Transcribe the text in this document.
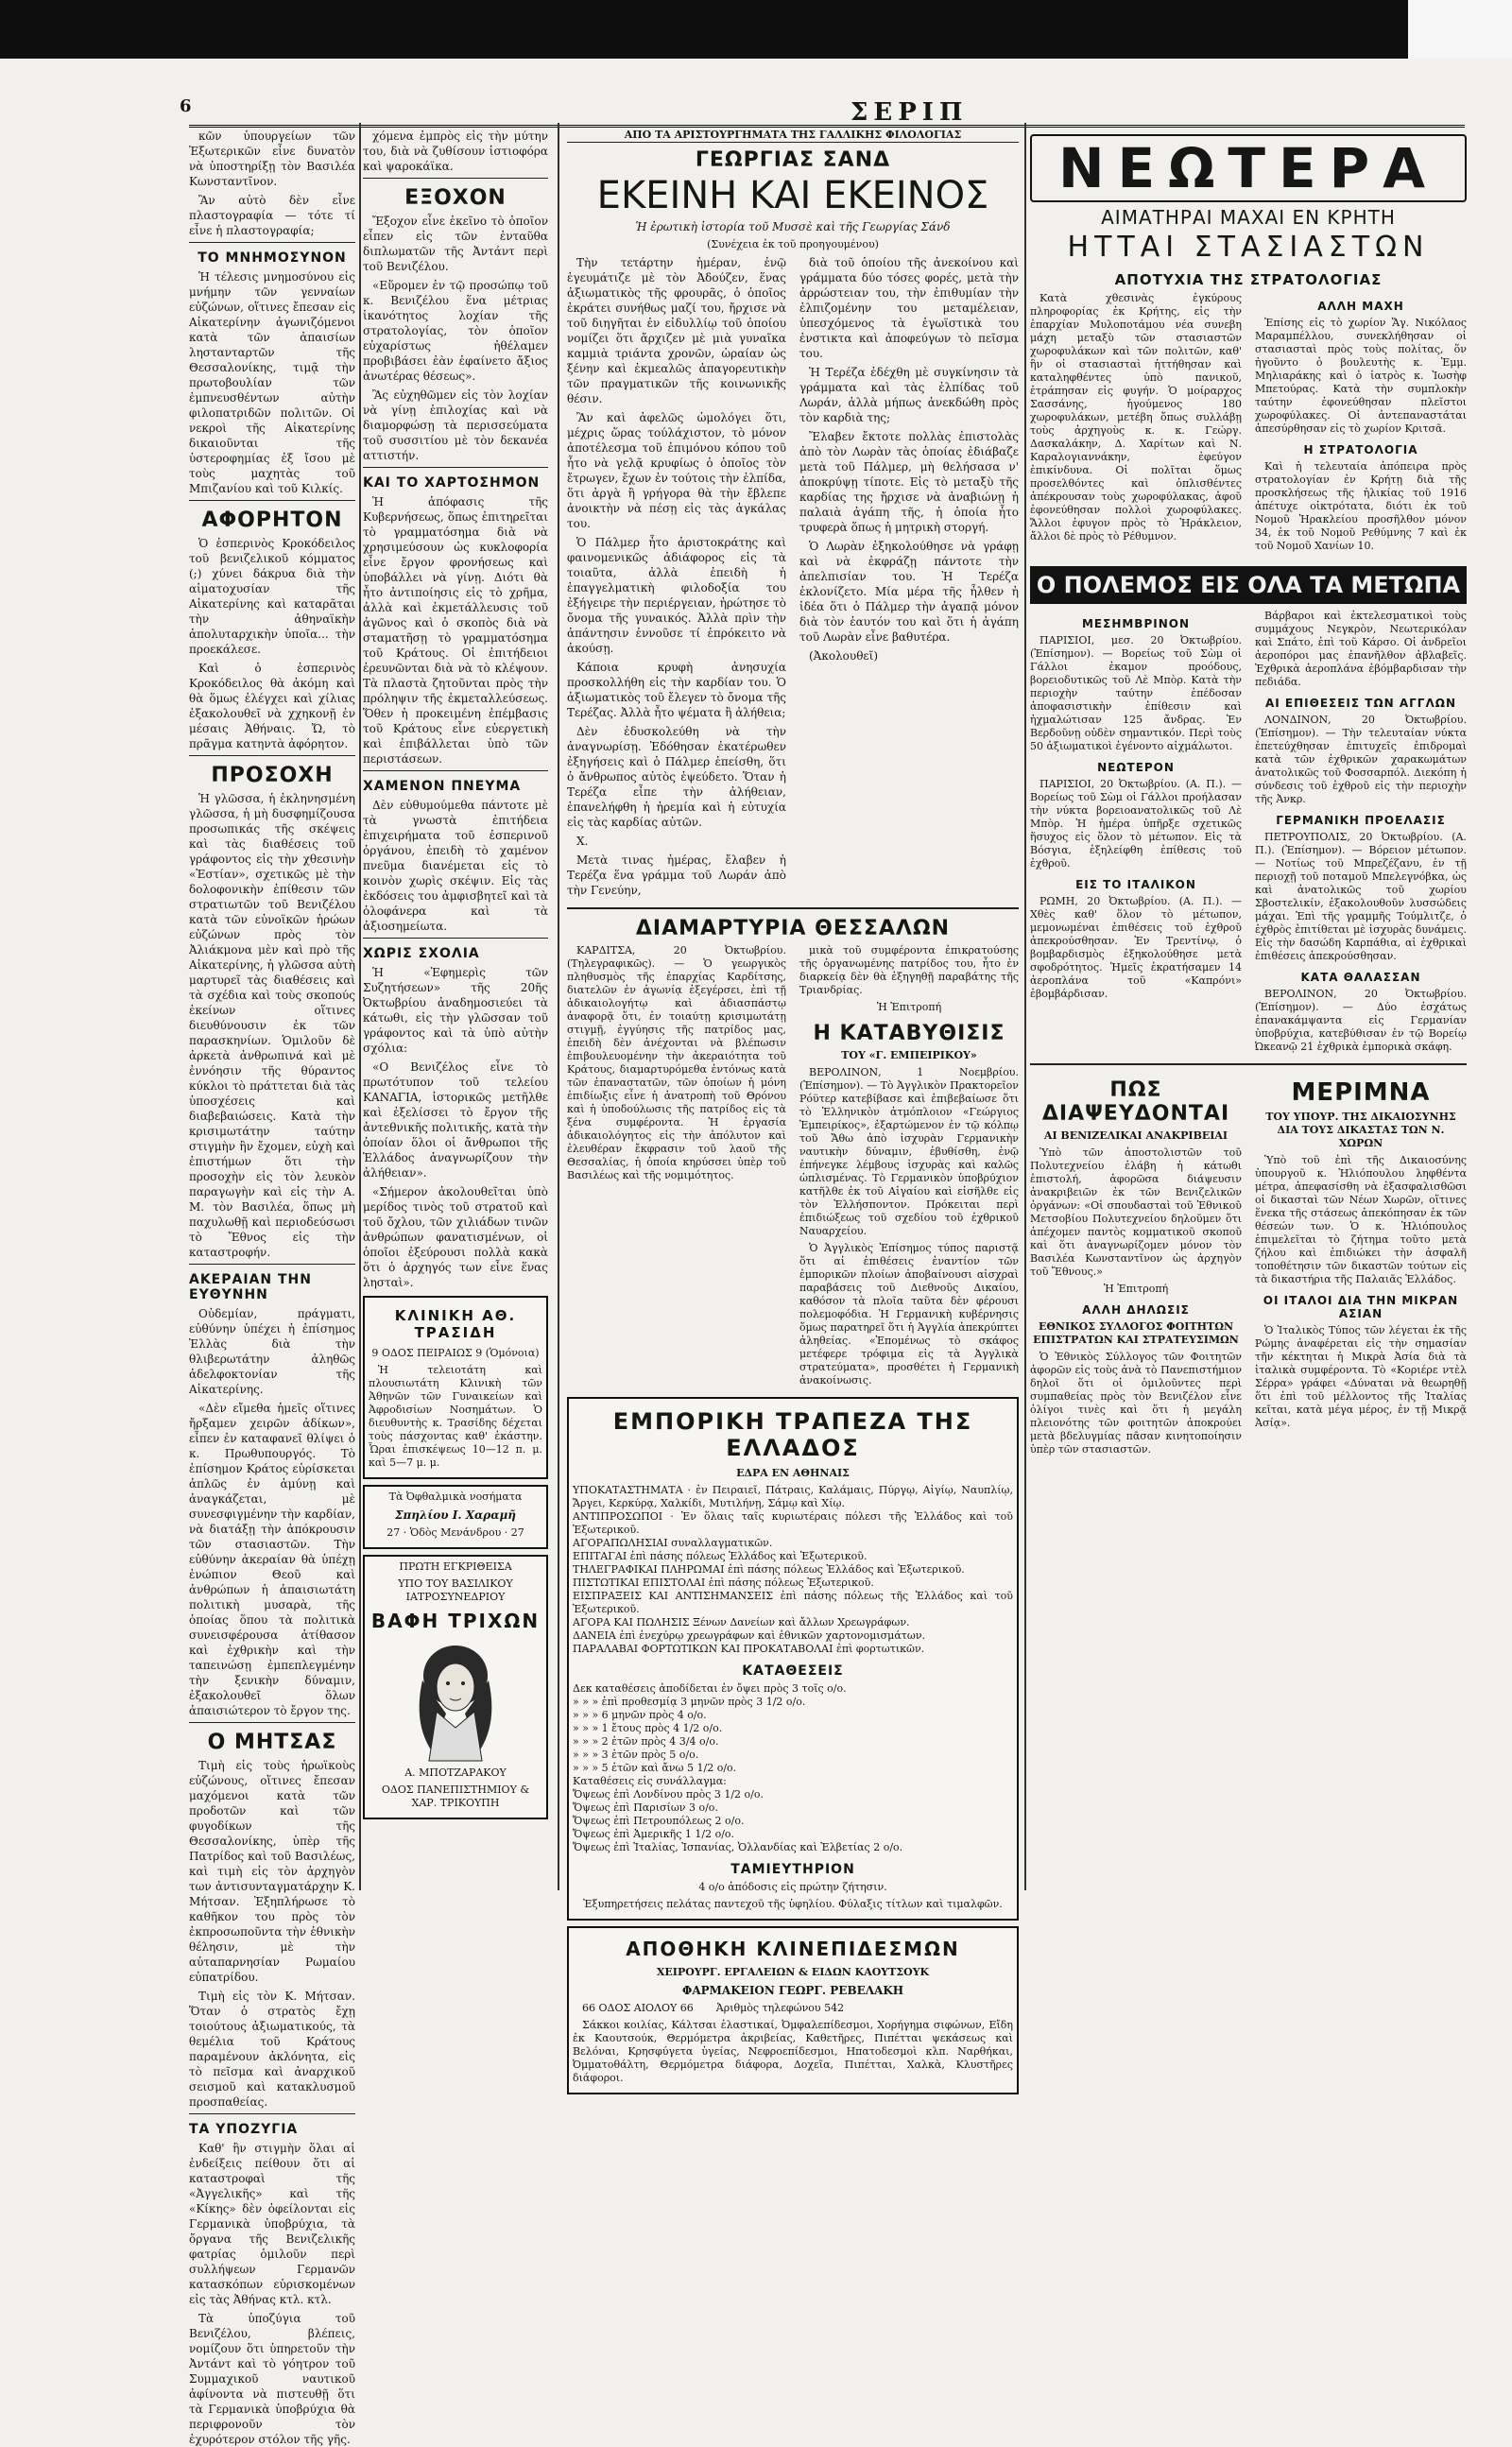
6	ΣΕΡΙΠ

κῶν ὑπουργείων τῶν Ἐξωτερικῶν εἶνε δυνατὸν νὰ ὑποστηρίξῃ τὸν Βασιλέα Κωνσταντῖνον.

Ἂν αὐτὸ δὲν εἶνε πλαστογραφία — τότε τί εἶνε ἡ πλαστογραφία;

ΤΟ ΜΝΗΜΟΣΥΝΟΝ

Ἡ τέλεσις μνημοσύνου εἰς μνήμην τῶν γενναίων εὐζώνων, οἵτινες ἔπεσαν εἰς Αἰκατερίνην ἀγωνιζόμενοι κατὰ τῶν ἀπαισίων ληστανταρτῶν τῆς Θεσσαλονίκης, τιμᾷ τὴν πρωτοβουλίαν τῶν ἐμπνευσθέντων αὐτὴν φιλοπατριδῶν πολιτῶν. Οἱ νεκροὶ τῆς Αἰκατερίνης δικαιοῦνται τῆς ὑστεροφημίας ἐξ ἴσου μὲ τοὺς μαχητὰς τοῦ Μπιζανίου καὶ τοῦ Κιλκίς.

ΑΦΟΡΗΤΟΝ

Ὁ ἐσπερινὸς Κροκόδειλος τοῦ βενιζελικοῦ κόμματος (;) χύνει δάκρυα διὰ τὴν αἱματοχυσίαν τῆς Αἰκατερίνης καὶ καταρᾶται τὴν ἀθηναϊκὴν ἀπολυταρχικὴν ὑποῖα... τὴν προεκάλεσε.

Καὶ ὁ ἐσπερινὸς Κροκόδειλος θὰ ἀκόμη καὶ θὰ ὅμως ἐλέγχει καὶ χίλιας ἐξακολουθεῖ νὰ χχηκονῇ ἐν μέσαις Ἀθήναις. Ὤ, τὸ πρᾶγμα κατηντὰ ἀφόρητον.

ΠΡΟΣΟΧΗ

Ἡ γλῶσσα, ἡ ἐκληνησμένη γλῶσσα, ἡ μὴ δυσφημίζουσα προσωπικάς τῆς σκέψεις καὶ τὰς διαθέσεις τοῦ γράφοντος εἰς τὴν χθεσινὴν «Ἑστίαν», σχετικῶς μὲ τὴν δολοφονικὴν ἐπίθεσιν τῶν στρατιωτῶν τοῦ Βενιζέλου κατὰ τῶν εὐνοϊκῶν ἡρώων εὐζώνων πρὸς τὸν Ἀλιάκμονα μὲν καὶ πρὸ τῆς Αἰκατερίνης, ἡ γλῶσσα αὐτὴ μαρτυρεῖ τὰς διαθέσεις καὶ τὰ σχέδια καὶ τοὺς σκοπούς ἐκείνων οἵτινες διευθύνουσιν ἐκ τῶν παρασκηνίων. Ὁμιλοῦν δὲ ἀρκετὰ ἀνθρωπινά καὶ μὲ ἐννόησιν τῆς θύραντος κύκλοι τὸ πράττεται διὰ τὰς ὑποσχέσεις καὶ διαβεβαιώσεις. Κατὰ τὴν κρισιμωτάτην ταύτην στιγμὴν ἣν ἔχομεν, εὐχὴ καὶ ἐπιστήμων ὅτι τὴν προσοχὴν εἰς τὸν λευκὸν παραγωγὴν καὶ εἰς τὴν Α. Μ. τὸν Βασιλέα, ὅπως μὴ παχυλωθῇ καὶ περιοδεύσωσι τὸ Ἔθνος εἰς τὴν καταστροφήν.

ΑΚΕΡΑΙΑΝ ΤΗΝ ΕΥΘΥΝΗΝ

Οὐδεμίαν, πράγματι, εὐθύνην ὑπέχει ἡ ἐπίσημος Ἑλλὰς διὰ τὴν θλιβερωτάτην ἀληθῶς ἀδελφοκτονίαν τῆς Αἰκατερίνης.

«Δὲν εἴμεθα ἡμεῖς οἵτινες ἤρξαμεν χειρῶν ἀδίκων», εἶπεν ἐν καταφανεῖ θλίψει ὁ κ. Πρωθυπουργός. Τὸ ἐπίσημον Κράτος εὑρίσκεται ἁπλῶς ἐν ἀμύνῃ καὶ ἀναγκάζεται, μὲ συνεσφιγμένην τὴν καρδίαν, νὰ διατάξῃ τὴν ἀπόκρουσιν τῶν στασιαστῶν. Τὴν εὐθύνην ἀκεραίαν θὰ ὑπέχῃ ἐνώπιον Θεοῦ καὶ ἀνθρώπων ἡ ἀπαισιωτάτη πολιτικὴ μυσαρὰ, τῆς ὁποίας ὅπου τὰ πολιτικὰ συνεισφέρουσα ἀτίθασον καὶ ἐχθρικὴν καὶ τὴν ταπεινώσῃ ἐμπεπλεγμένην τὴν ξενικὴν δύναμιν, ἐξακολουθεῖ ὅλων ἀπαισιώτερον τὸ ἔργον της.

Ο ΜΗΤΣΑΣ

Τιμὴ εἰς τοὺς ἡρωϊκοὺς εὐζώνους, οἵτινες ἔπεσαν μαχόμενοι κατὰ τῶν προδοτῶν καὶ τῶν φυγοδίκων τῆς Θεσσαλονίκης, ὑπὲρ τῆς Πατρίδος καὶ τοῦ Βασιλέως, καὶ τιμὴ εἰς τὸν ἀρχηγὸν των ἀντισυνταγματάρχην Κ. Μήτσαν. Ἐξηπλήρωσε τὸ καθῆκον του πρὸς τὸν ἐκπροσωποῦντα τὴν ἐθνικὴν θέλησιν, μὲ τὴν αὐταπαρνησίαν Ρωμαίου εὐπατρίδου.

Τιμὴ εἰς τὸν Κ. Μήτσαν. Ὅταν ὁ στρατὸς ἔχῃ τοιούτους ἀξιωματικούς, τὰ θεμέλια τοῦ Κράτους παραμένουν ἀκλόνητα, εἰς τὸ πεῖσμα καὶ ἀναρχικοῦ σεισμοῦ καὶ κατακλυσμοῦ προσπαθείας.

ΤΑ ΥΠΟΖΥΓΙΑ

Καθ' ἣν στιγμὴν ὅλαι αἱ ἐνδείξεις πείθουν ὅτι αἱ καταστροφαὶ τῆς «Ἀγγελικῆς» καὶ τῆς «Κίκης» δὲν ὀφείλονται εἰς Γερμανικὰ ὑποβρύχια, τὰ ὄργανα τῆς Βενιζελικῆς φατρίας ὁμιλοῦν περὶ συλλήψεων Γερμανῶν κατασκόπων εὑρισκομένων εἰς τὰς Ἀθήνας κτλ. κτλ.

Τὰ ὑποζύγια τοῦ Βενιζέλου, βλέπεις, νομίζουν ὅτι ὑπηρετοῦν τὴν Ἀντάντ καὶ τὸ γόητρον τοῦ Συμμαχικοῦ ναυτικοῦ ἀφίνοντα νὰ πιστευθῇ ὅτι τὰ Γερμανικὰ ὑποβρύχια θὰ περιφρονοῦν τὸν ἐχυρότερον στόλον τῆς γῆς.

χόμενα ἐμπρὸς εἰς τὴν μύτην του, διὰ νὰ ζυθίσουν ἱστιοφόρα καὶ ψαροκάϊκα.

ΕΞΟΧΟΝ

Ἔξοχον εἶνε ἐκεῖνο τὸ ὁποῖον εἶπεν εἰς τῶν ἐνταῦθα διπλωματῶν τῆς Ἀντάντ περὶ τοῦ Βενιζέλου.

«Εὕρομεν ἐν τῷ προσώπῳ τοῦ κ. Βενιζέλου ἕνα μέτριας ἱκανότητος λοχίαν τῆς στρατολογίας, τὸν ὁποῖον εὐχαρίστως ἠθέλαμεν προβιβάσει ἐὰν ἐφαίνετο ἄξιος ἀνωτέρας θέσεως».

Ἂς εὐχηθῶμεν εἰς τὸν λοχίαν νὰ γίνῃ ἐπιλοχίας καὶ νὰ διαμορφώσῃ τὰ περισσεύματα τοῦ συσσιτίου μὲ τὸν δεκανέα αττιστήν.

ΚΑΙ ΤΟ ΧΑΡΤΟΣΗΜΟΝ

Ἡ ἀπόφασις τῆς Κυβερνήσεως, ὅπως ἐπιτηρεῖται τὸ γραμματόσημα διὰ νὰ χρησιμεύσουν ὡς κυκλοφορία εἶνε ἔργον φρονήσεως καὶ ὑποβάλλει νὰ γίνῃ. Διότι θὰ ἦτο ἀντιποίησις εἰς τὸ χρῆμα, ἀλλὰ καὶ ἐκμετάλλευσις τοῦ ἀγῶνος καὶ ὁ σκοπὸς διὰ νὰ σταματῆσῃ τὸ γραμματόσημα τοῦ Κράτους. Οἱ ἐπιτήδειοι ἐρευνῶνται διὰ νὰ τὸ κλέψουν. Τὰ πλαστὰ ζητοῦνται πρὸς τὴν πρόληψιν τῆς ἐκμεταλλεύσεως. Ὅθεν ἡ προκειμένη ἐπέμβασις τοῦ Κράτους εἶνε εὐεργετικὴ καὶ ἐπιβάλλεται ὑπὸ τῶν περιστάσεων.

ΧΑΜΕΝΟΝ ΠΝΕΥΜΑ

Δὲν εὐθυμούμεθα πάντοτε μὲ τὰ γνωστὰ ἐπιτήδεια ἐπιχειρήματα τοῦ ἐσπερινοῦ ὀργάνου, ἐπειδὴ τὸ χαμένον πνεῦμα διανέμεται εἰς τὸ κοινὸν χωρὶς σκέψιν. Εἰς τὰς ἐκδόσεις του ἀμφισβητεῖ καὶ τὰ ὁλοφάνερα καὶ τὰ ἀξιοσημείωτα.

ΧΩΡΙΣ ΣΧΟΛΙΑ

Ἡ «Ἐφημερὶς τῶν Συζητήσεων» τῆς 20ῆς Ὀκτωβρίου ἀναδημοσιεύει τὰ κάτωθι, εἰς τὴν γλῶσσαν τοῦ γράφοντος καὶ τὰ ὑπὸ αὐτὴν σχόλια:

«Ο Βενιζέλος εἶνε τὸ πρωτότυπον τοῦ τελείου ΚΑΝΑΓΙΑ, ἱστορικῶς μετῆλθε καὶ ἐξελίσσει τὸ ἔργον τῆς ἀντεθνικῆς πολιτικῆς, κατὰ τὴν ὁποίαν ὅλοι οἱ ἄνθρωποι τῆς Ἑλλάδος ἀναγνωρίζουν τὴν ἀλήθειαν».

«Σήμερον ἀκολουθεῖται ὑπὸ μερίδος τινὸς τοῦ στρατοῦ καὶ τοῦ ὄχλου, τῶν χιλιάδων τινῶν ἀνθρώπων φανατισμένων, οἱ ὁποῖοι ἐξεύρουσι πολλὰ κακὰ ὅτι ὁ ἀρχηγός των εἶνε ἕνας λησταὶ».

ΚΛΙΝΙΚΗ ΑΘ. ΤΡΑΣΙΔΗ

9 ΟΔΟΣ ΠΕΙΡΑΙΩΣ 9 (Ὁμόνοια)

Ἡ τελειοτάτη καὶ πλουσιωτάτη Κλινικὴ τῶν Ἀθηνῶν τῶν Γυναικείων καὶ Ἀφροδισίων Νοσημάτων. Ὁ διευθυντὴς κ. Τρασίδης δέχεται τοὺς πάσχοντας καθ' ἑκάστην. Ὧραι ἐπισκέψεως 10—12 π. μ. καὶ 5—7 μ. μ.

Τὰ Ὀφθαλμικὰ νοσήματα

Σπηλίου Ι. Χαραμῆ

27 · Ὁδὸς Μενάνδρου · 27

ΠΡΩΤΗ ΕΓΚΡΙΘΕΙΣΑ

ΥΠΟ ΤΟΥ ΒΑΣΙΛΙΚΟΥ ΙΑΤΡΟΣΥΝΕΔΡΙΟΥ

ΒΑΦΗ ΤΡΙΧΩΝ

Α. ΜΠΟΤΖΑΡΑΚΟΥ

ΟΔΟΣ ΠΑΝΕΠΙΣΤΗΜΙΟΥ & ΧΑΡ. ΤΡΙΚΟΥΠΗ

ΑΠΟ ΤΑ ΑΡΙΣΤΟΥΡΓΗΜΑΤΑ ΤΗΣ ΓΑΛΛΙΚΗΣ ΦΙΛΟΛΟΓΙΑΣ
ΓΕΩΡΓΙΑΣ ΣΑΝΔ
ΕΚΕΙΝΗ ΚΑΙ ΕΚΕΙΝΟΣ

Ἡ ἐρωτικὴ ἱστορία τοῦ Μυσσὲ καὶ τῆς Γεωργίας Σάνδ

(Συνέχεια ἐκ τοῦ προηγουμένου)

Τὴν τετάρτην ἡμέραν, ἐνῷ ἐγευμάτιζε μὲ τὸν Ἀδούζεν, ἕνας ἀξιωματικὸς τῆς φρουρᾶς, ὁ ὁποῖος ἐκράτει συνήθως μαζί του, ἤρχισε νὰ τοῦ διηγῆται ἐν εἰδυλλίῳ τοῦ ὁποίου νομίζει ὅτι ἄρχιζεν μὲ μιὰ γυναῖκα καμμιὰ τριάντα χρονῶν, ὡραίαν ὡς ξένην καὶ ἐκμεαλῶς ἀπαγορευτικὴν τῶν πραγματικῶν τῆς κοινωνικῆς θέσιν.

Ἂν καὶ ἀφελῶς ὡμολόγει ὅτι, μέχρις ὥρας τούλάχιστον, τὸ μόνον ἀποτέλεσμα τοῦ ἐπιμόνου κόπου τοῦ ἦτο νὰ γελᾷ κρυφίως ὁ ὁποῖος τὸν ἔτρωγεν, ἔχων ἐν τούτοις τὴν ἐλπίδα, ὅτι ἀργὰ ἢ γρήγορα θὰ τὴν ἔβλεπε ἀνοικτὴν νὰ πέσῃ εἰς τὰς ἀγκάλας του.

Ὁ Πάλμερ ἦτο ἀριστοκράτης καὶ φαινομενικῶς ἀδιάφορος εἰς τὰ τοιαῦτα, ἀλλὰ ἐπειδὴ ἡ ἐπαγγελματικὴ φιλοδοξία του ἐξήγειρε τὴν περιέργειαν, ἠρώτησε τὸ ὄνομα τῆς γυναικός. Ἀλλὰ πρὶν τὴν ἀπάντησιν ἐννοῦσε τί ἐπρόκειτο νὰ ἀκούσῃ.

Κάποια κρυφὴ ἀνησυχία προσκολλήθη εἰς τὴν καρδίαν του. Ὁ ἀξιωματικὸς τοῦ ἔλεγεν τὸ ὄνομα τῆς Τερέζας. Ἀλλὰ ἦτο ψέματα ἢ ἀλήθεια;

Δὲν ἐδυσκολεύθη νὰ τὴν ἀναγνωρίσῃ. Ἐδόθησαν ἐκατέρωθεν ἐξηγήσεις καὶ ὁ Πάλμερ ἐπείσθη, ὅτι ὁ ἄνθρωπος αὐτὸς ἐψεύδετο. Ὅταν ἡ Τερέζα εἶπε τὴν ἀλήθειαν, ἐπανελήφθη ἡ ἠρεμία καὶ ἡ εὐτυχία εἰς τὰς καρδίας αὐτῶν.

Χ.

Μετὰ τινας ἡμέρας, ἔλαβεν ἡ Τερέζα ἕνα γράμμα τοῦ Λωράν ἀπὸ τὴν Γενεύην,

διὰ τοῦ ὁποίου τῆς ἀνεκοίνου καὶ γράμματα δύο τόσες φορές, μετὰ τὴν ἀρρώστειαν του, τὴν ἐπιθυμίαν τὴν ἐλπιζομένην του μεταμέλειαν, ὑπεσχόμενος τὰ ἐγωϊστικὰ του ἐνστικτα καὶ ἀποφεύγων τὸ πεῖσμα του.

Ἡ Τερέζα ἐδέχθη μὲ συγκίνησιν τὰ γράμματα καὶ τὰς ἐλπίδας τοῦ Λωράν, ἀλλὰ μήπως ἀνεκδώθη πρὸς τὸν καρδιὰ της;

Ἔλαβεν ἔκτοτε πολλὰς ἐπιστολὰς ἀπὸ τὸν Λωρὰν τὰς ὁποίας ἐδιάβαζε μετὰ τοῦ Πάλμερ, μὴ θελήσασα ν' ἀποκρύψῃ τίποτε. Εἰς τὸ μεταξὺ τῆς καρδίας της ἤρχισε νὰ ἀναβιώνῃ ἡ παλαιὰ ἀγάπη τῆς, ἡ ὁποία ἦτο τρυφερὰ ὅπως ἡ μητρικὴ στοργή.

Ὁ Λωρὰν ἐξηκολούθησε νὰ γράφῃ καὶ νὰ ἐκφράζῃ πάντοτε τὴν ἀπελπισίαν του. Ἡ Τερέζα ἐκλονίζετο. Μία μέρα τῆς ἦλθεν ἡ ἰδέα ὅτι ὁ Πάλμερ τὴν ἀγαπᾷ μόνον διὰ τὸν ἑαυτόν του καὶ ὅτι ἡ ἀγάπη τοῦ Λωρὰν εἶνε βαθυτέρα.

(Ἀκολουθεῖ)

ΔΙΑΜΑΡΤΥΡΙΑ ΘΕΣΣΑΛΩΝ

ΚΑΡΔΙΤΣΑ, 20 Ὀκτωβρίου. (Τηλεγραφικῶς). — Ὁ γεωργικὸς πληθυσμὸς τῆς ἐπαρχίας Καρδίτσης, διατελῶν ἐν ἀγωνίᾳ ἐξεγέρσει, ἐπὶ τῇ ἀδικαιολογήτῳ καὶ ἀδιασπάστῳ ἀναφορᾷ ὅτι, ἐν τοιαύτῃ κρισιμωτάτῃ στιγμῇ, ἐγγύησις τῆς πατρίδος μας, ἐπειδὴ δὲν ἀνέχονται νὰ βλέπωσιν ἐπιβουλευομένην τὴν ἀκεραιότητα τοῦ Κράτους, διαμαρτυρόμεθα ἐντόνως κατὰ τῶν ἐπαναστατῶν, τῶν ὁποίων ἡ μόνη ἐπιδίωξις εἶνε ἡ ἀνατροπὴ τοῦ Θρόνου καὶ ἡ ὑποδούλωσις τῆς πατρίδος εἰς τὰ ξένα συμφέροντα. Ἡ ἐργασία ἀδικαιολόγητος εἰς τὴν ἀπόλυτον καὶ ἐλευθέραν ἔκφρασιν τοῦ λαοῦ τῆς Θεσσαλίας, ἡ ὁποία κηρύσσει ὑπὲρ τοῦ Βασιλέως καὶ τῆς νομιμότητος.

μικὰ τοῦ συμφέροντα ἐπικρατούσης τῆς ὀργανωμένης πατρίδος του, ἦτο ἐν διαρκείᾳ δὲν θὰ ἐξηγηθῇ παραβάτης τῆς Τριανδρίας.

Ἡ Ἐπιτροπή

Η ΚΑΤΑΒΥΘΙΣΙΣ

ΤΟΥ «Γ. ΕΜΠΕΙΡΙΚΟΥ»

ΒΕΡΟΛΙΝΟΝ, 1 Νοεμβρίου. (Ἐπίσημον). — Τὸ Ἀγγλικὸν Πρακτορεῖον Ρόϋτερ κατεβίβασε καὶ ἐπιβεβαίωσε ὅτι τὸ Ἑλληνικὸν ἀτμόπλοιον «Γεώργιος Ἐμπειρίκος», ἐξαρτώμενον ἐν τῷ κόλπῳ τοῦ Ἄθω ἀπὸ ἰσχυρὰν Γερμανικὴν ναυτικὴν δύναμιν, ἐβυθίσθη, ἐνῷ ἐπήνεγκε λέμβους ἰσχυρὰς καὶ καλῶς ὡπλισμένας. Τὸ Γερμανικὸν ὑποβρύχιον κατῆλθε ἐκ τοῦ Αἰγαίου καὶ εἰσῆλθε εἰς τὸν Ἑλλήσποντον. Πρόκειται περὶ ἐπιδιώξεως τοῦ σχεδίου τοῦ ἐχθρικοῦ Ναυαρχείου.

Ὁ Ἀγγλικὸς Ἐπίσημος τύπος παριστᾷ ὅτι αἱ ἐπιθέσεις ἐναντίον τῶν ἐμπορικῶν πλοίων ἀποβαίνουσι αἰσχραὶ παραβάσεις τοῦ Διεθνοῦς Δικαίου, καθόσον τὰ πλοῖα ταῦτα δὲν φέρουσι πολεμοφόδια. Ἡ Γερμανικὴ κυβέρνησις ὅμως παρατηρεῖ ὅτι ἡ Ἀγγλία ἀπεκρύπτει ἀληθείας. «Ἐπομένως τὸ σκάφος μετέφερε τρόφιμα εἰς τὰ Ἀγγλικὰ στρατεύματα», προσθέτει ἡ Γερμανικὴ ἀνακοίνωσις.

ΕΜΠΟΡΙΚΗ ΤΡΑΠΕΖΑ ΤΗΣ ΕΛΛΑΔΟΣ

ΕΔΡΑ ΕΝ ΑΘΗΝΑΙΣ

ΥΠΟΚΑΤΑΣΤΗΜΑΤΑ · ἐν Πειραιεῖ, Πάτραις, Καλάμαις, Πύργῳ, Αἰγίῳ, Ναυπλίῳ, Ἄργει, Κερκύρᾳ, Χαλκίδι, Μυτιλήνῃ, Σάμῳ καὶ Χίῳ.

ΑΝΤΙΠΡΟΣΩΠΟΙ · Ἐν ὅλαις ταῖς κυριωτέραις πόλεσι τῆς Ἑλλάδος καὶ τοῦ Ἐξωτερικοῦ.

ΑΓΟΡΑΠΩΛΗΣΙΑΙ συναλλαγματικῶν.

ΕΠΙΤΑΓΑΙ ἐπὶ πάσης πόλεως Ἑλλάδος καὶ Ἐξωτερικοῦ.

ΤΗΛΕΓΡΑΦΙΚΑΙ ΠΛΗΡΩΜΑΙ ἐπὶ πάσης πόλεως Ἑλλάδος καὶ Ἐξωτερικοῦ.

ΠΙΣΤΩΤΙΚΑΙ ΕΠΙΣΤΟΛΑΙ ἐπὶ πάσης πόλεως Ἐξωτερικοῦ.

ΕΙΣΠΡΑΞΕΙΣ ΚΑΙ ΑΝΤΙΣΗΜΑΝΣΕΙΣ ἐπὶ πάσης πόλεως τῆς Ἑλλάδος καὶ τοῦ Ἐξωτερικοῦ.

ΑΓΟΡΑ ΚΑΙ ΠΩΛΗΣΙΣ Ξένων Δανείων καὶ ἄλλων Χρεωγράφων.

ΔΑΝΕΙΑ ἐπὶ ἐνεχύρῳ χρεωγράφων καὶ ἐθνικῶν χαρτονομισμάτων.

ΠΑΡΑΛΑΒΑΙ ΦΟΡΤΩΤΙΚΩΝ ΚΑΙ ΠΡΟΚΑΤΑΒΟΛΑΙ ἐπὶ φορτωτικῶν.

ΚΑΤΑΘΕΣΕΙΣ

Δεκ καταθέσεις ἀποδίδεται ἐν ὄψει πρὸς 3 τοῖς ο/ο.

» » » ἐπὶ προθεσμίᾳ 3 μηνῶν πρὸς 3 1/2 ο/ο.

» » » 6 μηνῶν πρὸς 4 ο/ο.

» » » 1 ἔτους πρὸς 4 1/2 ο/ο.

» » » 2 ἐτῶν πρὸς 4 3/4 ο/ο.

» » » 3 ἐτῶν πρὸς 5 ο/ο.

» » » 5 ἐτῶν καὶ ἄνω 5 1/2 ο/ο.

Καταθέσεις εἰς συνάλλαγμα:

Ὄψεως ἐπὶ Λονδίνου πρὸς 3 1/2 ο/ο.

Ὄψεως ἐπὶ Παρισίων 3 ο/ο.

Ὄψεως ἐπὶ Πετρουπόλεως 2 ο/ο.

Ὄψεως ἐπὶ Ἀμερικῆς 1 1/2 ο/ο.

Ὄψεως ἐπὶ Ἰταλίας, Ἰσπανίας, Ὁλλανδίας καὶ Ἑλβετίας 2 ο/ο.

ΤΑΜΙΕΥΤΗΡΙΟΝ

4 ο/ο ἀπόδοσις εἰς πρώτην ζήτησιν.

Ἐξυπηρετήσεις πελάτας παντεχοῦ τῆς ὑφηλίου. Φύλαξις τίτλων καὶ τιμαλφῶν.

ΑΠΟΘΗΚΗ ΚΛΙΝΕΠΙΔΕΣΜΩΝ

ΧΕΙΡΟΥΡΓ. ΕΡΓΑΛΕΙΩΝ & ΕΙΔΩΝ ΚΑΟΥΤΣΟΥΚ

ΦΑΡΜΑΚΕΙΟΝ ΓΕΩΡΓ. ΡΕΒΕΛΑΚΗ

66 ΟΔΟΣ ΑΙΟΛΟΥ 66	Ἀριθμὸς τηλεφώνου 542

Σάκκοι κοιλίας, Κάλτσαι ἐλαστικαί, Ὀμφαλεπίδεσμοι, Χορήγημα σιφώνων, Εἴδη ἐκ Καουτσούκ, Θερμόμετρα ἀκριβείας, Καθετῆρες, Πιπέτται ψεκάσεως καὶ Βελόναι, Κρησφύγετα ὑγείας, Νεφροεπίδεσμοι, Ηπατοδεσμοὶ κλπ. Ναρθήκαι, Ὀμματοθάλτη, Θερμόμετρα διάφορα, Δοχεῖα, Πιπέτται, Χαλκὰ, Κλυστῆρες διάφοροι.

ΝΕΩΤΕΡΑ
ΑΙΜΑΤΗΡΑΙ ΜΑΧΑΙ ΕΝ ΚΡΗΤΗ
ΗΤΤΑΙ ΣΤΑΣΙΑΣΤΩΝ
ΑΠΟΤΥΧΙΑ ΤΗΣ ΣΤΡΑΤΟΛΟΓΙΑΣ

Κατὰ χθεσινὰς ἐγκύρους πληροφορίας ἐκ Κρήτης, εἰς τὴν ἐπαρχίαν Μυλοποτάμου νέα συνεβη μάχη μεταξὺ τῶν στασιαστῶν χωροφυλάκων καὶ τῶν πολιτῶν, καθ' ἣν οἱ στασιασταὶ ἡττήθησαν καὶ καταληφθέντες ὑπὸ πανικοῦ, ἐτράπησαν εἰς φυγήν. Ὁ μοίραρχος Σασσάνης, ἡγούμενος 180 χωροφυλάκων, μετέβη ὅπως συλλάβῃ τοὺς ἀρχηγοὺς κ. κ. Γεώργ. Δασκαλάκην, Δ. Χαρίτων καὶ Ν. Καραλογιαννάκην, ἐφεύγον ἐπικίνδυνα. Οἱ πολῖται ὅμως προσελθόντες καὶ ὁπλισθέντες ἀπέκρουσαν τοὺς χωροφύλακας, ἀφοῦ ἐφονεύθησαν πολλοὶ χωροφύλακες. Ἄλλοι ἐφυγον πρὸς τὸ Ἡράκλειον, ἄλλοι δὲ πρὸς τὸ Ρέθυμνον.

ΑΛΛΗ ΜΑΧΗ

Ἐπίσης εἰς τὸ χωρίον Ἅγ. Νικόλαος Μαραμπέλλου, συνεκλήθησαν οἱ στασιασταὶ πρὸς τοὺς πολίτας, ὅν ἡγοῦντο ὁ βουλευτὴς κ. Ἐμμ. Μηλιαράκης καὶ ὁ ἰατρὸς κ. Ἰωσὴφ Μπετούρας. Κατὰ τὴν συμπλοκὴν ταύτην ἐφονεύθησαν πλεῖστοι χωροφύλακες. Οἱ ἀντεπαναστάται ἀπεσύρθησαν εἰς τὸ χωρίον Κριτσᾶ.

Η ΣΤΡΑΤΟΛΟΓΙΑ

Καὶ ἡ τελευταία ἀπόπειρα πρὸς στρατολογίαν ἐν Κρήτῃ διὰ τῆς προσκλήσεως τῆς ἡλικίας τοῦ 1916 ἀπέτυχε οἰκτρότατα, διότι ἐκ τοῦ Νομοῦ Ἡρακλείου προσῆλθον μόνον 34, ἐκ τοῦ Νομοῦ Ρεθύμνης 7 καὶ ἐκ τοῦ Νομοῦ Χανίων 10.

Ο ΠΟΛΕΜΟΣ ΕΙΣ ΟΛΑ ΤΑ ΜΕΤΩΠΑ
ΜΕΣΗΜΒΡΙΝΟΝ

ΠΑΡΙΣΙΟΙ, μεσ. 20 Ὀκτωβρίου. (Ἐπίσημον). — Βορείως τοῦ Σὼμ οἱ Γάλλοι ἐκαμον προόδους, βορειοδυτικῶς τοῦ Λὲ Μπὸρ. Κατὰ τὴν περιοχὴν ταύτην ἐπέδοσαν ἀποφασιστικὴν ἐπίθεσιν καὶ ἠχμαλώτισαν 125 ἄνδρας. Ἐν Βερδοῦνῃ οὐδὲν σημαντικόν. Περὶ τοὺς 50 ἀξιωματικοὶ ἐγένοντο αἰχμάλωτοι.

ΝΕΩΤΕΡΟΝ

ΠΑΡΙΣΙΟΙ, 20 Ὀκτωβρίου. (Α. Π.). — Βορείως τοῦ Σὼμ οἱ Γάλλοι προήλασαν τὴν νύκτα βορειοανατολικῶς τοῦ Λὲ Μπὸρ. Ἡ ἡμέρα ὑπῆρξε σχετικῶς ἥσυχος εἰς ὅλον τὸ μέτωπον. Εἰς τὰ Βόσγια, ἐξηλείφθη ἐπίθεσις τοῦ ἐχθροῦ.

ΕΙΣ ΤΟ ΙΤΑΛΙΚΟΝ

ΡΩΜΗ, 20 Ὀκτωβρίου. (Α. Π.). — Χθὲς καθ' ὅλον τὸ μέτωπον, μεμονωμέναι ἐπιθέσεις τοῦ ἐχθροῦ ἀπεκρούσθησαν. Ἐν Τρεντίνῳ, ὁ βομβαρδισμὸς ἐξηκολούθησε μετὰ σφοδρότητος. Ἡμεῖς ἐκρατήσαμεν 14 ἀεροπλάνα τοῦ «Καπρόνι» ἐβομβάρδισαν.

Βάρβαροι καὶ ἐκτελεσματικοὶ τοὺς συμμάχους Νεγκρὸν, Νεωτερικόλαν καὶ Σπάτο, ἐπὶ τοῦ Κάρσο. Οἱ ἀνδρεῖοι ἀεροπόροι μας ἐπανῆλθον ἀβλαβεῖς. Ἐχθρικὰ ἀεροπλάνα ἐβόμβαρδισαν τὴν πεδιάδα.

ΑΙ ΕΠΙΘΕΣΕΙΣ ΤΩΝ ΑΓΓΛΩΝ

ΛΟΝΔΙΝΟΝ, 20 Ὀκτωβρίου. (Ἐπίσημον). — Τὴν τελευταίαν νύκτα ἐπετεύχθησαν ἐπιτυχεῖς ἐπιδρομαὶ κατὰ τῶν ἐχθρικῶν χαρακωμάτων ἀνατολικῶς τοῦ Φοσσαρπόλ. Διεκόπη ἡ σύνδεσις τοῦ ἐχθροῦ εἰς τὴν περιοχὴν τῆς Ἀνκρ.

ΓΕΡΜΑΝΙΚΗ ΠΡΟΕΛΑΣΙΣ

ΠΕΤΡΟΥΠΟΛΙΣ, 20 Ὀκτωβρίου. (Α. Π.). (Ἐπίσημον). — Βόρειον μέτωπον. — Νοτίως τοῦ Μπρεζέζανυ, ἐν τῇ περιοχῇ τοῦ ποταμοῦ Μπελεγνόβκα, ὡς καὶ ἀνατολικῶς τοῦ χωρίου Σβοστελικίν, ἐξακολουθοῦν λυσσώδεις μάχαι. Ἐπὶ τῆς γραμμῆς Τούμλιτζε, ὁ ἐχθρὸς ἐπιτίθεται μὲ ἰσχυρὰς δυνάμεις. Εἰς τὴν δασώδη Καρπάθια, αἱ ἐχθρικαὶ ἐπιθέσεις ἀπεκρούσθησαν.

ΚΑΤΑ ΘΑΛΑΣΣΑΝ

ΒΕΡΟΛΙΝΟΝ, 20 Ὀκτωβρίου. (Ἐπίσημον). — Δύο ἐσχάτως ἐπανακάμψαντα εἰς Γερμανίαν ὑποβρύχια, κατεβύθισαν ἐν τῷ Βορείῳ Ὠκεανῷ 21 ἐχθρικὰ ἐμπορικὰ σκάφη.

ΠΩΣ ΔΙΑΨΕΥΔΟΝΤΑΙ

ΑΙ ΒΕΝΙΖΕΛΙΚΑΙ ΑΝΑΚΡΙΒΕΙΑΙ

Ὑπὸ τῶν ἀποστολιστῶν τοῦ Πολυτεχνείου ἐλάβη ἡ κάτωθι ἐπιστολή, ἀφορῶσα διάψευσιν ἀνακριβειῶν ἐκ τῶν Βενιζελικῶν ὀργάνων: «Οἱ σπουδασταὶ τοῦ Ἐθνικοῦ Μετσοβίου Πολυτεχνείου δηλοῦμεν ὅτι ἀπέχομεν παντὸς κομματικοῦ σκοποῦ καὶ ὅτι ἀναγνωρίζομεν μόνον τὸν Βασιλέα Κωνσταντῖνον ὡς ἀρχηγὸν τοῦ Ἔθνους.»

Ἡ Ἐπιτροπή

ΑΛΛΗ ΔΗΛΩΣΙΣ

ΕΘΝΙΚΟΣ ΣΥΛΛΟΓΟΣ ΦΟΙΤΗΤΩΝ ΕΠΙΣΤΡΑΤΩΝ ΚΑΙ ΣΤΡΑΤΕΥΣΙΜΩΝ

Ὁ Ἐθνικὸς Σύλλογος τῶν Φοιτητῶν ἀφορῶν εἰς τοὺς ἀνὰ τὸ Πανεπιστήμιον δηλοῖ ὅτι οἱ ὁμιλοῦντες περὶ συμπαθείας πρὸς τὸν Βενιζέλον εἶνε ὀλίγοι τινὲς καὶ ὅτι ἡ μεγάλη πλειονότης τῶν φοιτητῶν ἀποκρούει μετὰ βδελυγμίας πᾶσαν κινητοποίησιν ὑπὲρ τῶν στασιαστῶν.

ΜΕΡΙΜΝΑ

ΤΟΥ ΥΠΟΥΡ. ΤΗΣ ΔΙΚΑΙΟΣΥΝΗΣ ΔΙΑ ΤΟΥΣ ΔΙΚΑΣΤΑΣ ΤΩΝ Ν. ΧΩΡΩΝ

Ὑπὸ τοῦ ἐπὶ τῆς Δικαιοσύνης ὑπουργοῦ κ. Ἠλιόπουλου ληφθέντα μέτρα, ἀπεφασίσθη νὰ ἐξασφαλισθῶσι οἱ δικασταὶ τῶν Νέων Χωρῶν, οἵτινες ἕνεκα τῆς στάσεως ἀπεκόπησαν ἐκ τῶν θέσεών των. Ὁ κ. Ἠλιόπουλος ἐπιμελεῖται τὸ ζήτημα τοῦτο μετὰ ζήλου καὶ ἐπιδιώκει τὴν ἀσφαλῆ τοποθέτησιν τῶν δικαστῶν τούτων εἰς τὰ δικαστήρια τῆς Παλαιᾶς Ἑλλάδος.

ΟΙ ΙΤΑΛΟΙ ΔΙΑ ΤΗΝ ΜΙΚΡΑΝ ΑΣΙΑΝ

Ὁ Ἰταλικὸς Τύπος τῶν λέγεται ἐκ τῆς Ρώμης ἀναφέρεται εἰς τὴν σημασίαν τῆν κέκτηται ἡ Μικρὰ Ἀσία διὰ τὰ ἰταλικὰ συμφέροντα. Τὸ «Κοριέρε ντὲλ Σέρρα» γράφει «Δύναται νὰ θεωρηθῇ ὅτι ἐπὶ τοῦ μέλλοντος τῆς Ἰταλίας κεῖται, κατὰ μέγα μέρος, ἐν τῇ Μικρᾷ Ἀσίᾳ».
